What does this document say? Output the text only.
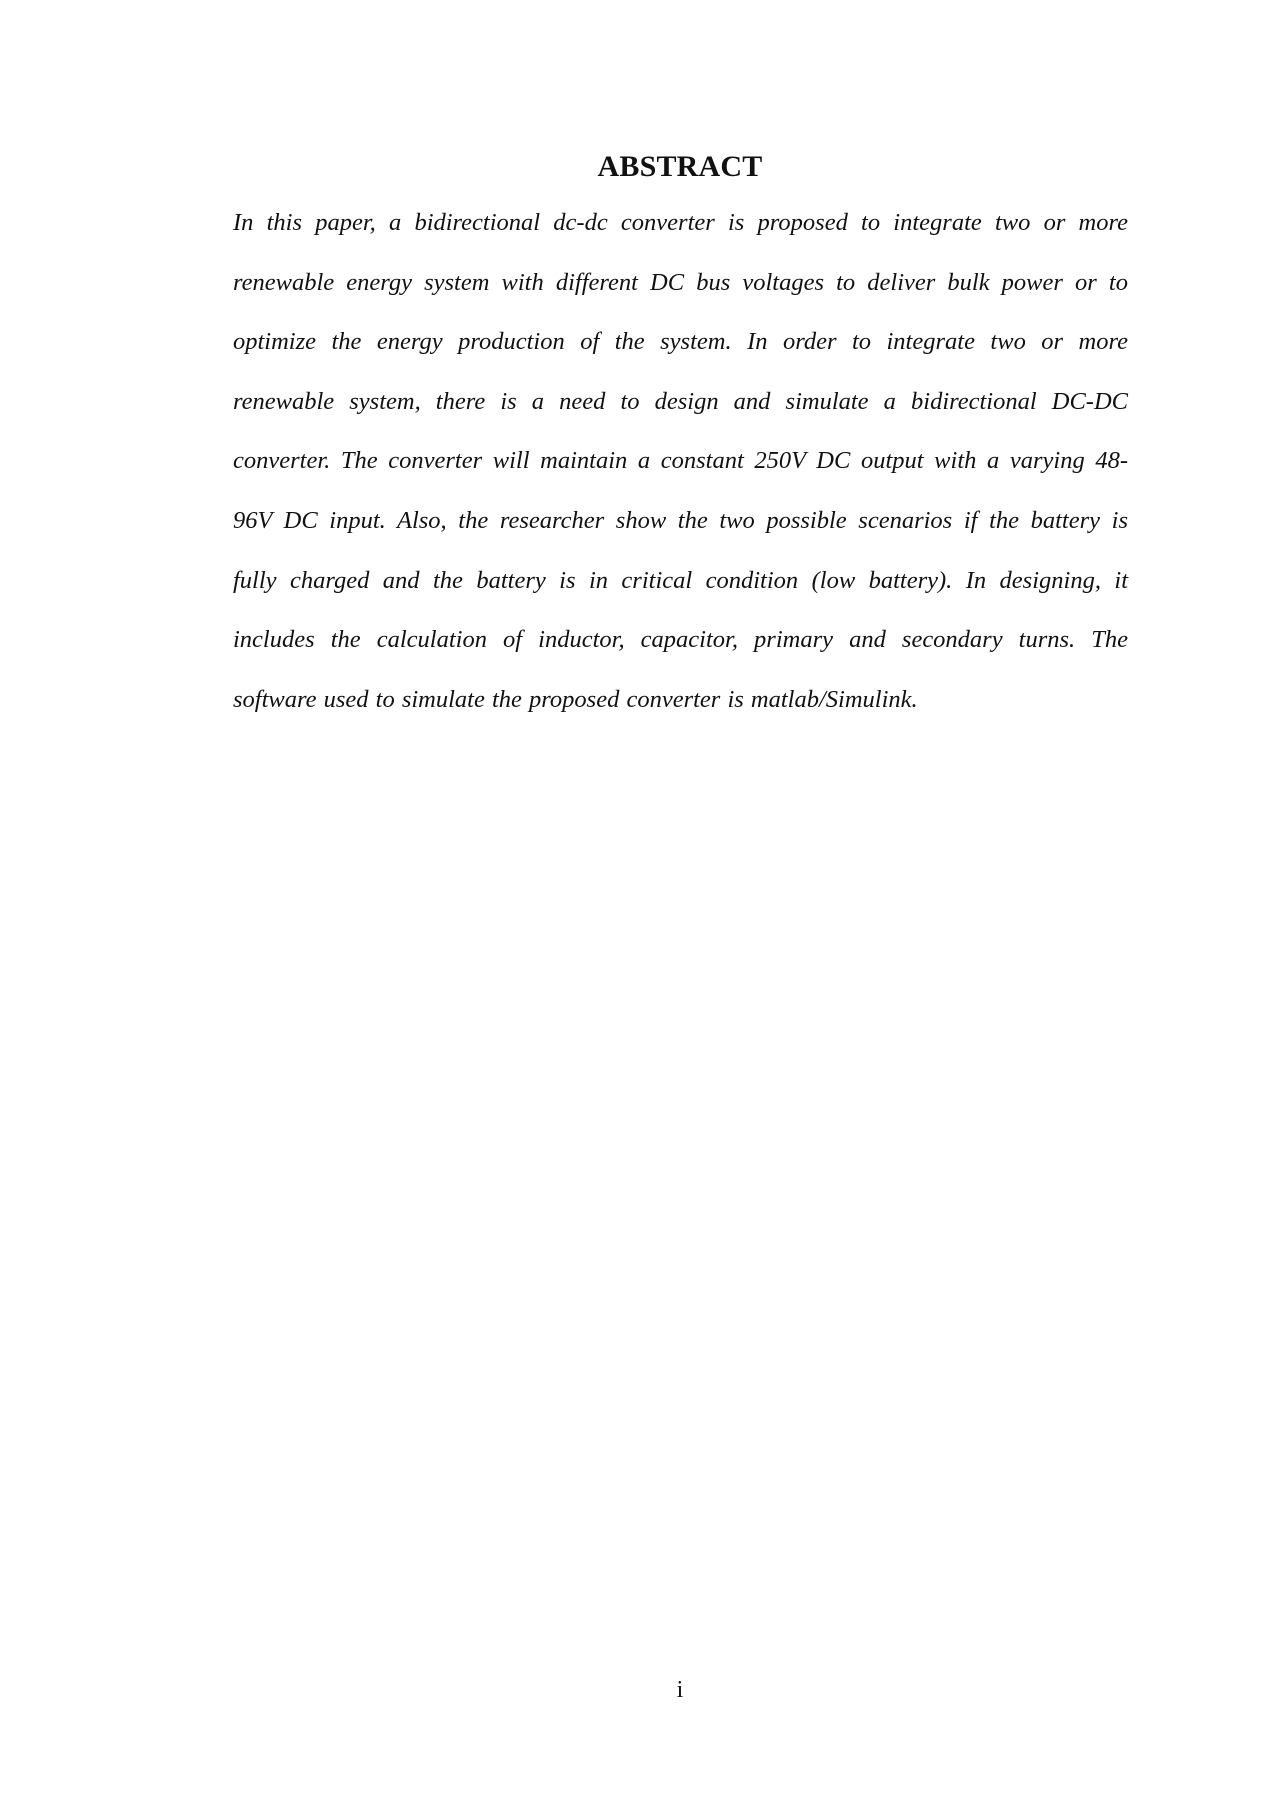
ABSTRACT
In this paper, a bidirectional dc-dc converter is proposed to integrate two or more
renewable energy system with different DC bus voltages to deliver bulk power or to
optimize the energy production of the system. In order to integrate two or more
renewable system, there is a need to design and simulate a bidirectional DC-DC
converter. The converter will maintain a constant 250V DC output with a varying 48-
96V DC input. Also, the researcher show the two possible scenarios if the battery is
fully charged and the battery is in critical condition (low battery). In designing, it
includes the calculation of inductor, capacitor, primary and secondary turns. The
software used to simulate the proposed converter is matlab/Simulink.
i
